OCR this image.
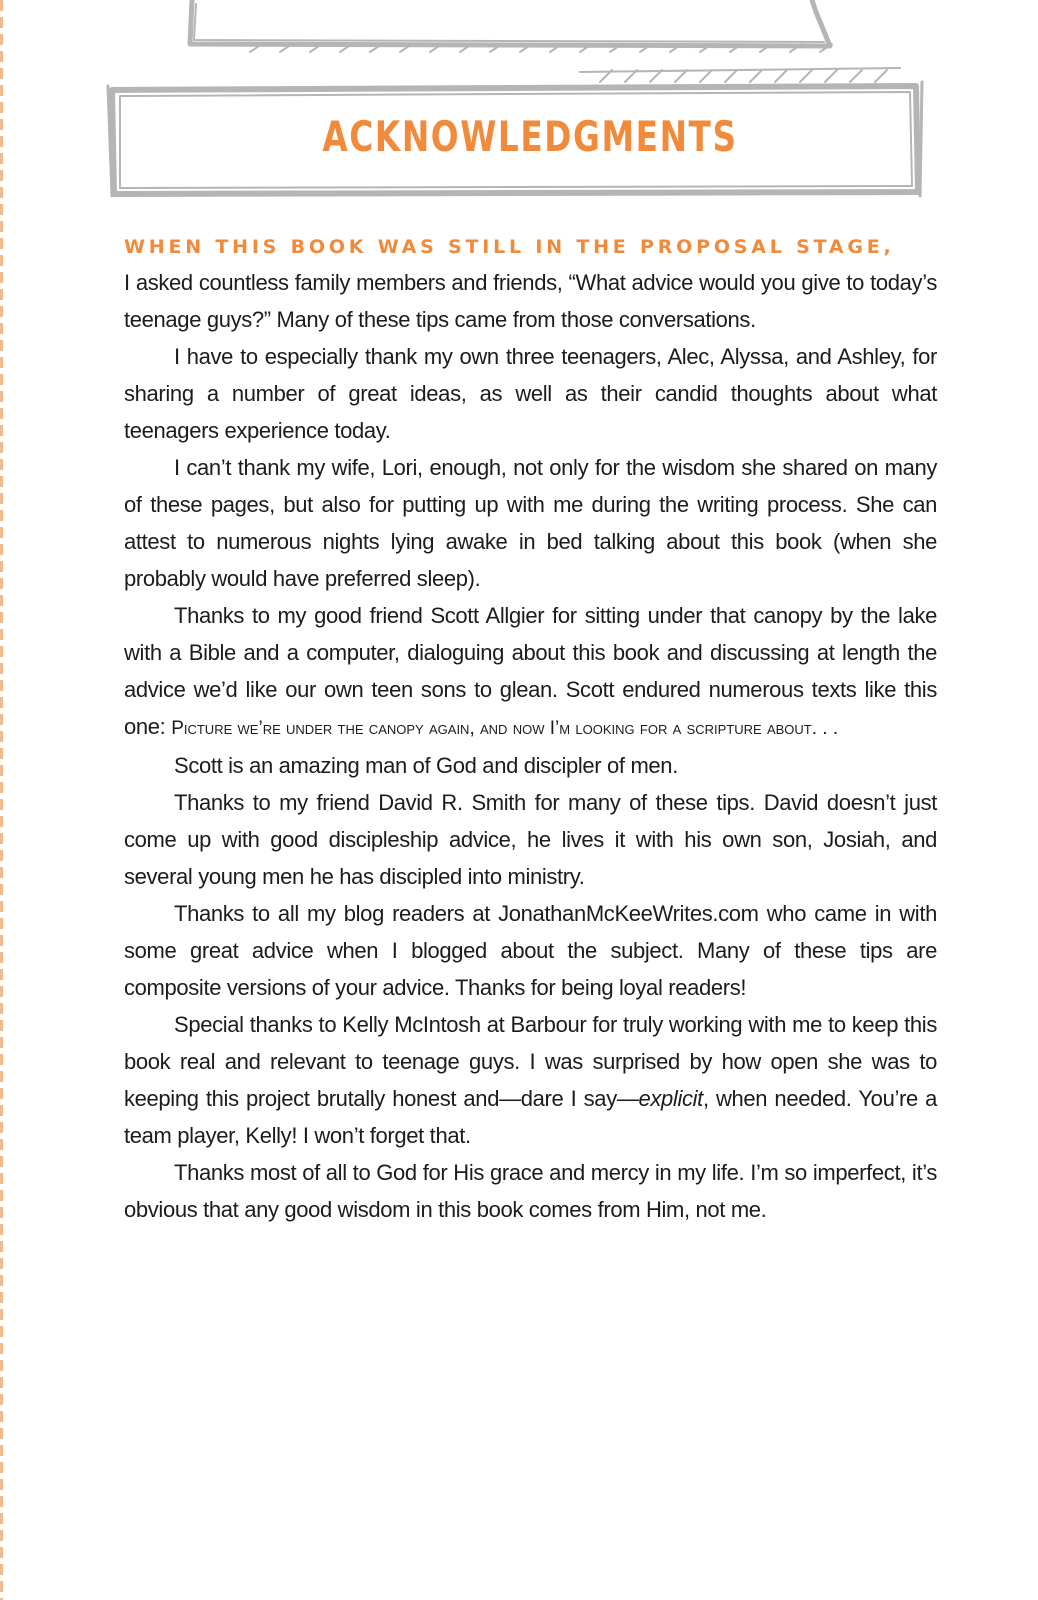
ACKNOWLEDGMENTS

WHEN THIS BOOK WAS STILL IN THE PROPOSAL STAGE,
I asked countless family members and friends, “What advice would you give to today’s teenage guys?” Many of these tips came from those conversations.

I have to especially thank my own three teenagers, Alec, Alyssa, and Ashley, for sharing a number of great ideas, as well as their candid thoughts about what teenagers experience today.

I can’t thank my wife, Lori, enough, not only for the wisdom she shared on many of these pages, but also for putting up with me during the writing process. She can attest to numerous nights lying awake in bed talking about this book (when she probably would have preferred sleep).

Thanks to my good friend Scott Allgier for sitting under that canopy by the lake with a Bible and a computer, dialoguing about this book and discussing at length the advice we’d like our own teen sons to glean. Scott endured numerous texts like this one: Picture we’re under the canopy again, and now I’m looking for a scripture about. . .

Scott is an amazing man of God and discipler of men.

Thanks to my friend David R. Smith for many of these tips. David doesn’t just come up with good discipleship advice, he lives it with his own son, Josiah, and several young men he has discipled into ministry.

Thanks to all my blog readers at JonathanMcKeeWrites.com who came in with some great advice when I blogged about the subject. Many of these tips are composite versions of your advice. Thanks for being loyal readers!

Special thanks to Kelly McIntosh at Barbour for truly working with me to keep this book real and relevant to teenage guys. I was surprised by how open she was to keeping this project brutally honest and—dare I say—explicit, when needed. You’re a team player, Kelly! I won’t forget that.

Thanks most of all to God for His grace and mercy in my life. I’m so imperfect, it’s obvious that any good wisdom in this book comes from Him, not me.
